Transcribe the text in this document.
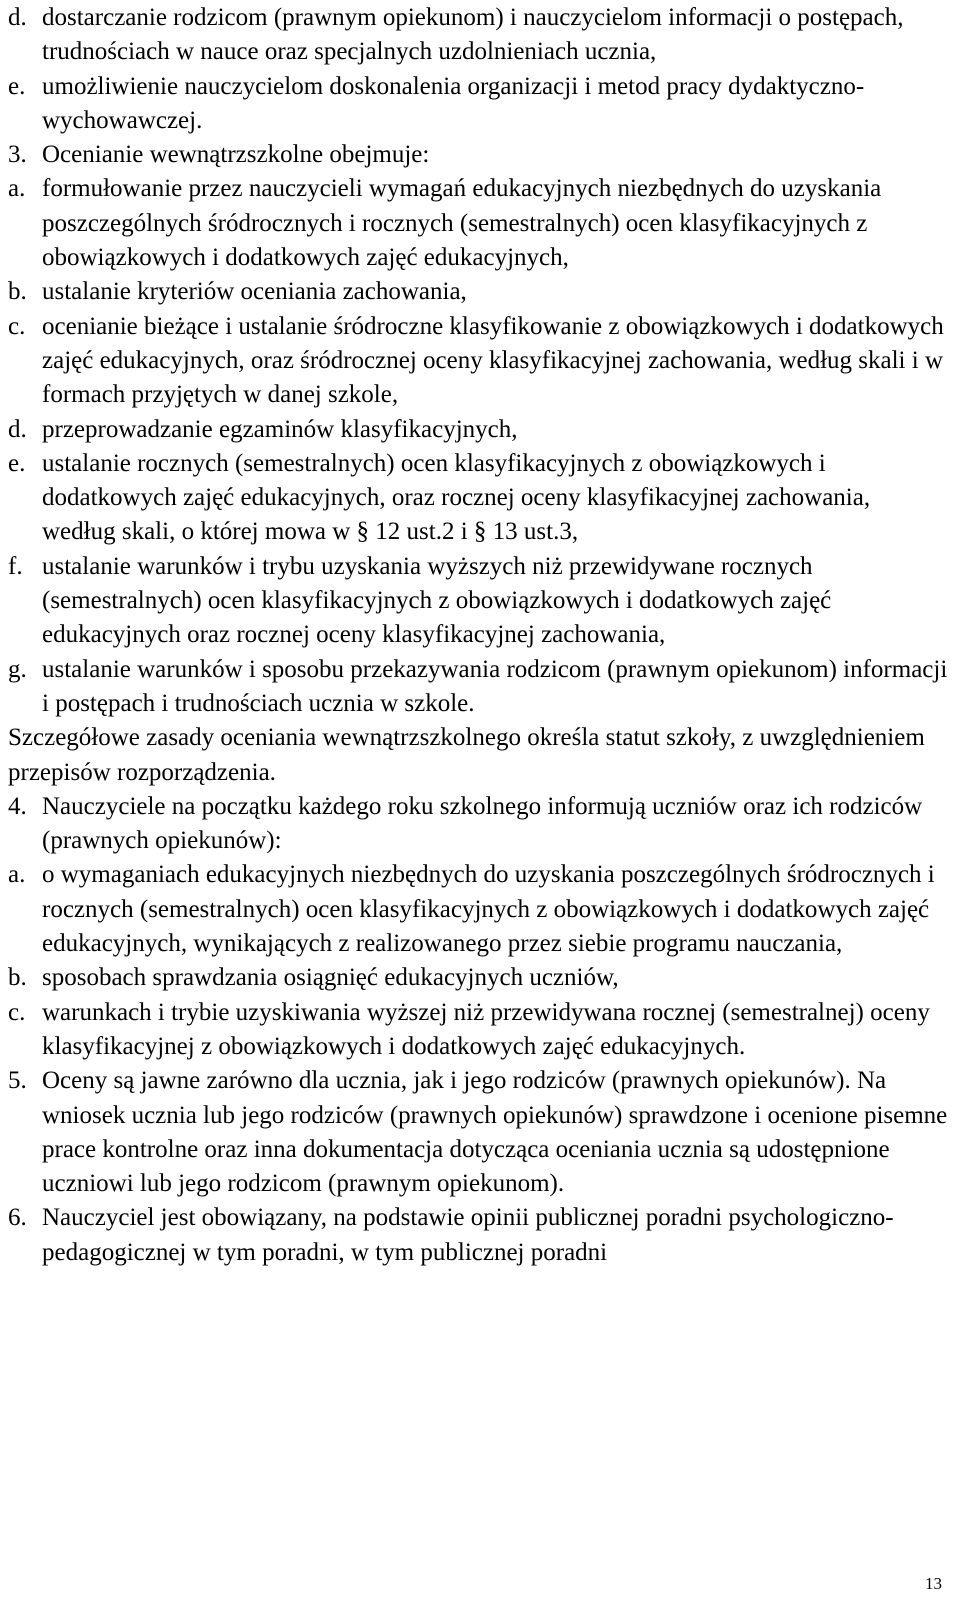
d. dostarczanie rodzicom (prawnym opiekunom) i nauczycielom informacji o postępach, trudnościach w nauce oraz specjalnych uzdolnieniach ucznia,
e. umożliwienie nauczycielom doskonalenia organizacji i metod pracy dydaktyczno-wychowawczej.
3. Ocenianie wewnątrzszkolne obejmuje:
a. formułowanie przez nauczycieli wymagań edukacyjnych niezbędnych do uzyskania poszczególnych śródrocznych i rocznych (semestralnych) ocen klasyfikacyjnych z obowiązkowych i dodatkowych zajęć edukacyjnych,
b. ustalanie kryteriów oceniania zachowania,
c. ocenianie bieżące i ustalanie śródroczne klasyfikowanie z obowiązkowych i dodatkowych zajęć edukacyjnych, oraz śródrocznej oceny klasyfikacyjnej zachowania, według skali i w formach przyjętych w danej szkole,
d. przeprowadzanie egzaminów klasyfikacyjnych,
e. ustalanie rocznych (semestralnych) ocen klasyfikacyjnych z obowiązkowych i dodatkowych zajęć edukacyjnych, oraz rocznej oceny klasyfikacyjnej zachowania, według skali, o której mowa w § 12 ust.2 i § 13 ust.3,
f. ustalanie warunków i trybu uzyskania wyższych niż przewidywane rocznych (semestralnych) ocen klasyfikacyjnych z obowiązkowych i dodatkowych zajęć edukacyjnych oraz rocznej oceny klasyfikacyjnej zachowania,
g. ustalanie warunków i sposobu przekazywania rodzicom (prawnym opiekunom) informacji i postępach i trudnościach ucznia w szkole.
Szczegółowe zasady oceniania wewnątrzszkolnego określa statut szkoły, z uwzględnieniem przepisów rozporządzenia.
4. Nauczyciele na początku każdego roku szkolnego informują uczniów oraz ich rodziców (prawnych opiekunów):
a. o wymaganiach edukacyjnych niezbędnych do uzyskania poszczególnych śródrocznych i rocznych (semestralnych) ocen klasyfikacyjnych z obowiązkowych i dodatkowych zajęć edukacyjnych, wynikających z realizowanego przez siebie programu nauczania,
b. sposobach sprawdzania osiągnięć edukacyjnych uczniów,
c. warunkach i trybie uzyskiwania wyższej niż przewidywana rocznej (semestralnej) oceny klasyfikacyjnej z obowiązkowych i dodatkowych zajęć edukacyjnych.
5. Oceny są jawne zarówno dla ucznia, jak i jego rodziców (prawnych opiekunów). Na wniosek ucznia lub jego rodziców (prawnych opiekunów) sprawdzone i ocenione pisemne prace kontrolne oraz inna dokumentacja dotycząca oceniania ucznia są udostępnione uczniowi lub jego rodzicom (prawnym opiekunom).
6. Nauczyciel jest obowiązany, na podstawie opinii publicznej poradni psychologiczno-pedagogicznej w tym poradni, w tym publicznej poradni
13
